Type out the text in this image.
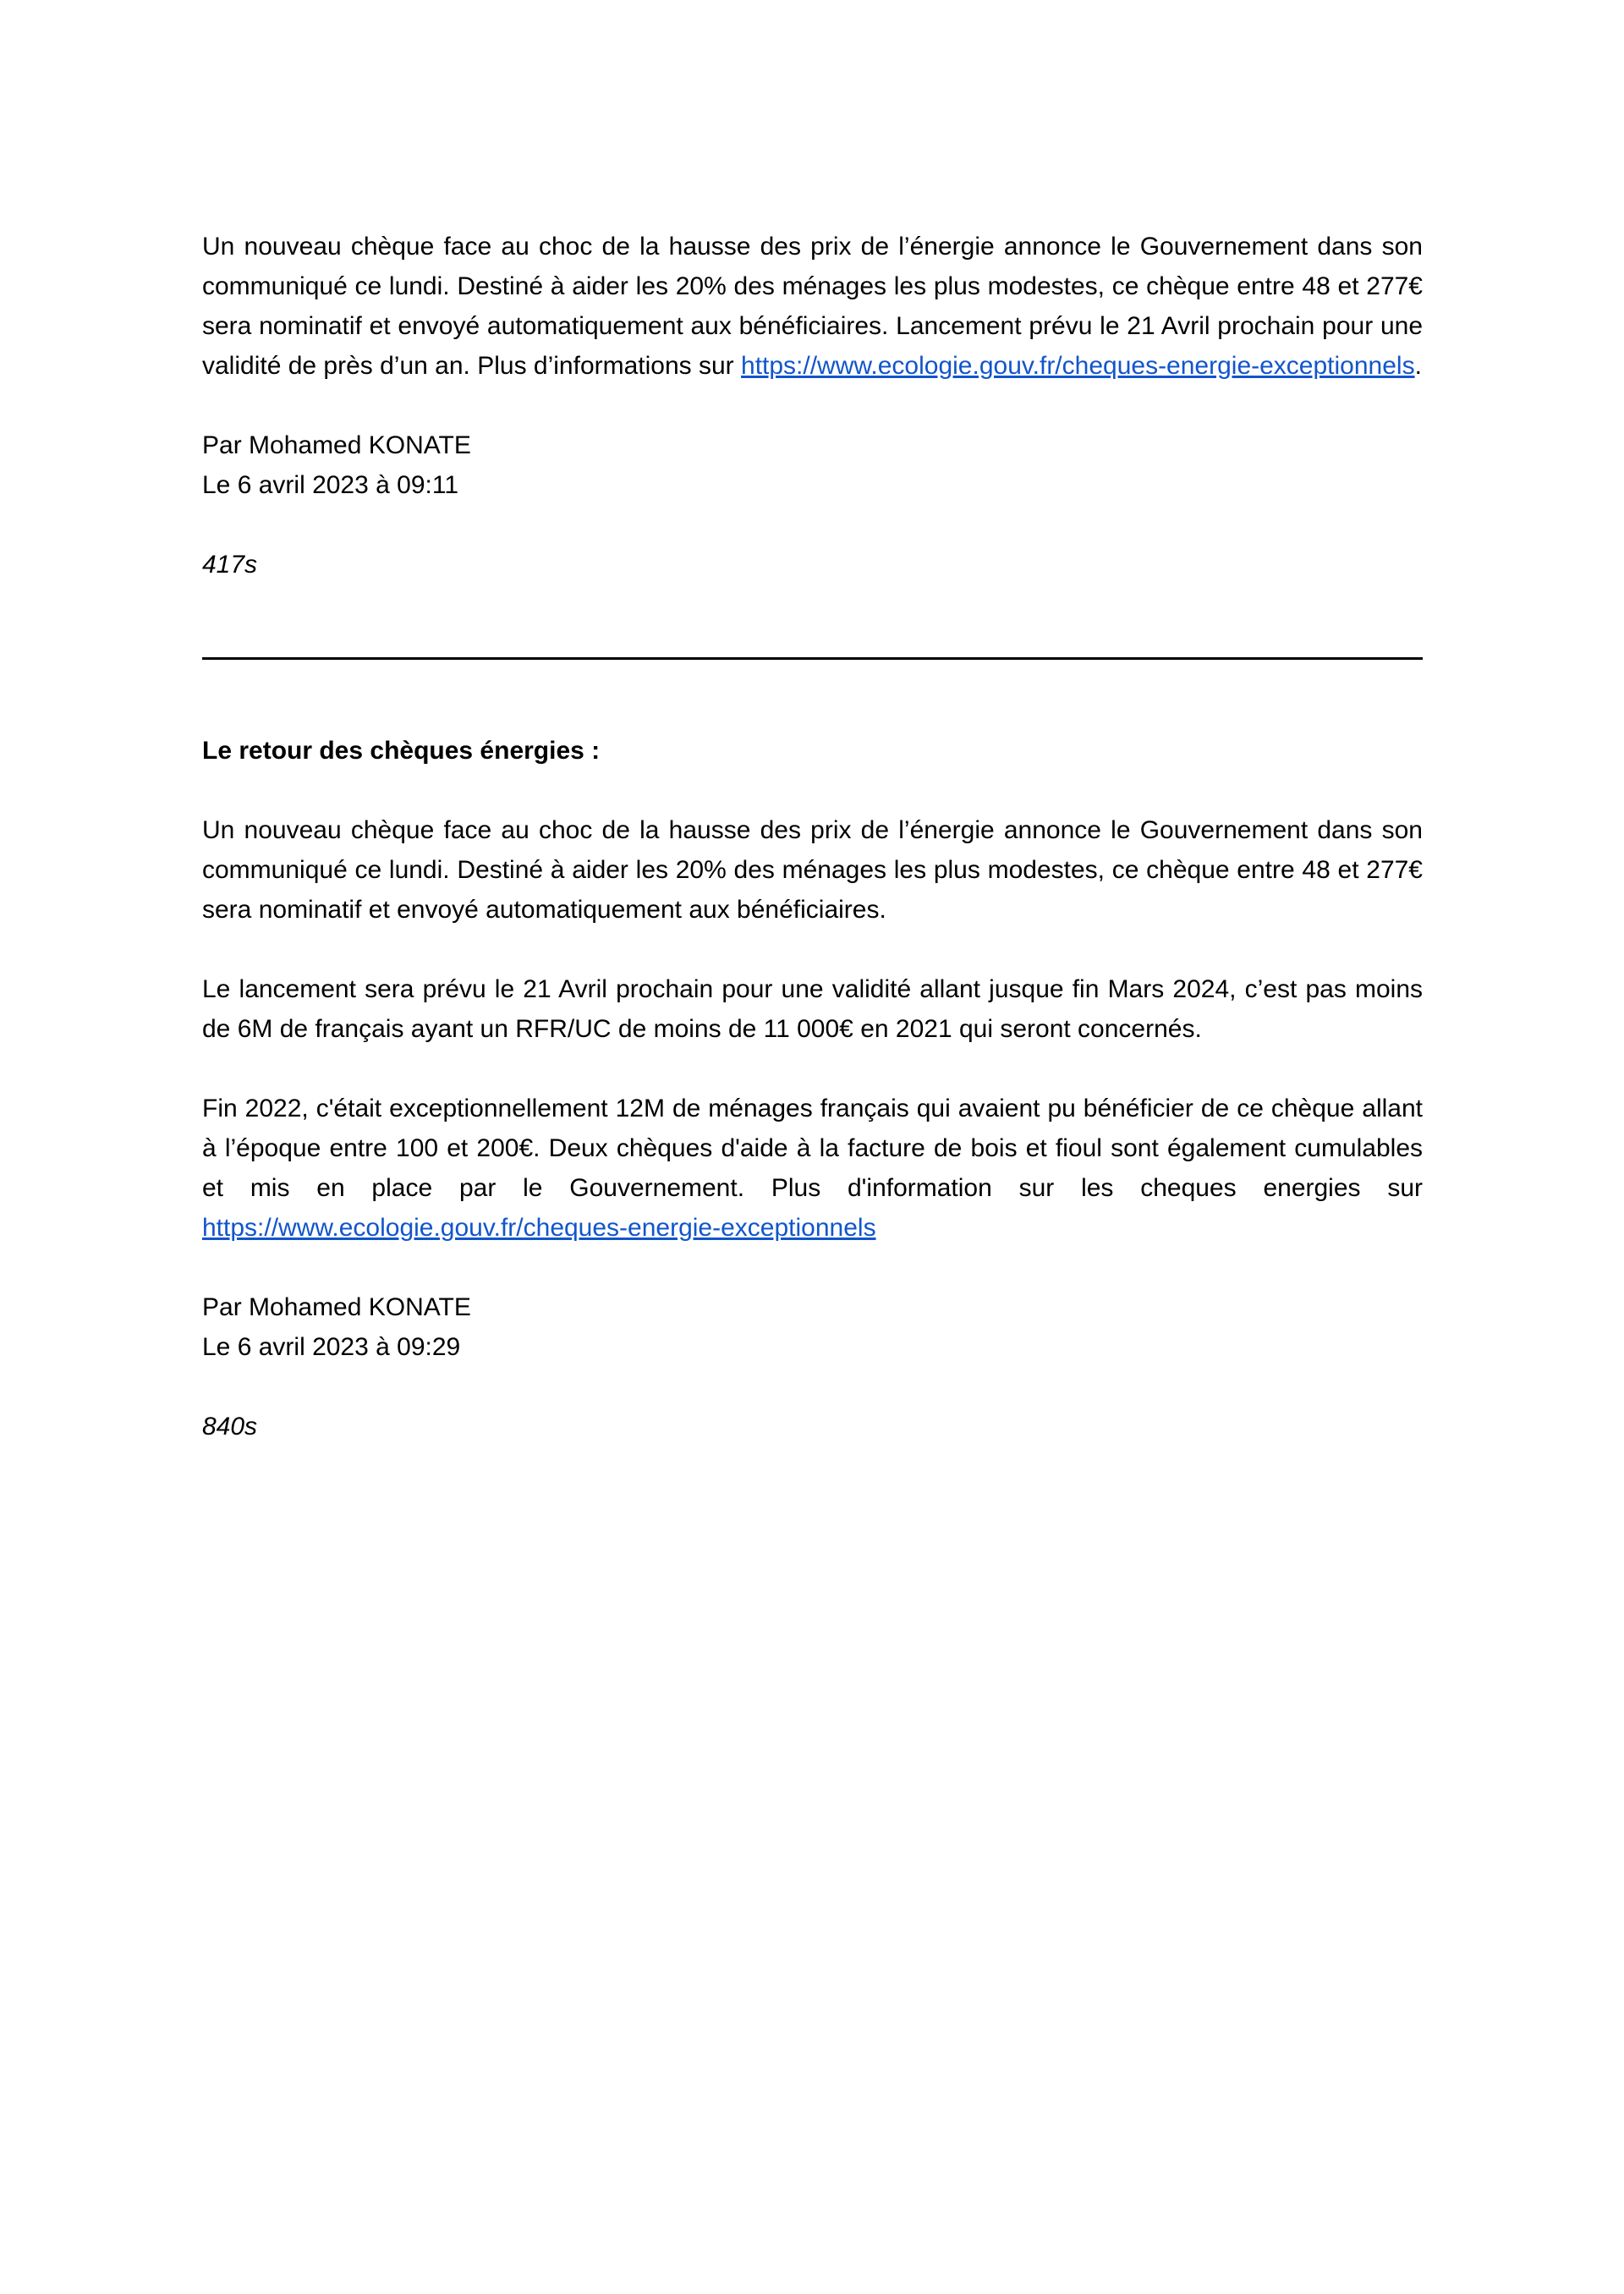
Un nouveau chèque face au choc de la hausse des prix de l’énergie annonce le Gouvernement dans son communiqué ce lundi. Destiné à aider les 20% des ménages les plus modestes, ce chèque entre 48 et 277€ sera nominatif et envoyé automatiquement aux bénéficiaires. Lancement prévu le 21 Avril prochain pour une validité de près d’un an. Plus d’informations sur https://www.ecologie.gouv.fr/cheques-energie-exceptionnels.

Par Mohamed KONATE
Le 6 avril 2023 à 09:11

417s

Le retour des chèques énergies :

Un nouveau chèque face au choc de la hausse des prix de l’énergie annonce le Gouvernement dans son communiqué ce lundi. Destiné à aider les 20% des ménages les plus modestes, ce chèque entre 48 et 277€ sera nominatif et envoyé automatiquement aux bénéficiaires.

Le lancement sera prévu le 21 Avril prochain pour une validité allant jusque fin Mars 2024, c’est pas moins de 6M de français ayant un RFR/UC de moins de 11 000€ en 2021 qui seront concernés.

Fin 2022, c'était exceptionnellement 12M de ménages français qui avaient pu bénéficier de ce chèque allant à l’époque entre 100 et 200€. Deux chèques d'aide à la facture de bois et fioul sont également cumulables et mis en place par le Gouvernement. Plus d'information sur les cheques energies sur https://www.ecologie.gouv.fr/cheques-energie-exceptionnels

Par Mohamed KONATE
Le 6 avril 2023 à 09:29

840s
